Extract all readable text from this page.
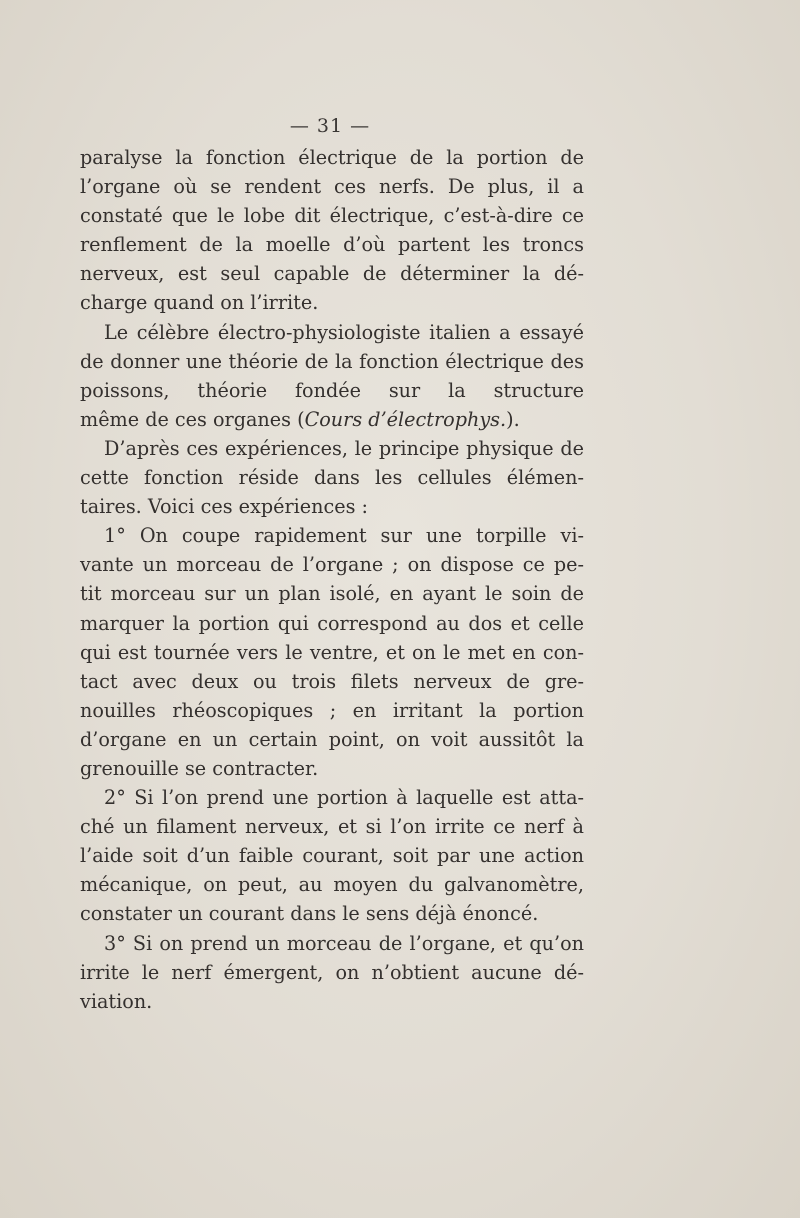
— 31 —

paralyse la fonction électrique de la portion de l’organe où se rendent ces nerfs. De plus, il a constaté que le lobe dit électrique, c’est-à-dire ce renflement de la moelle d’où partent les troncs nerveux, est seul capable de déterminer la dé-

charge quand on l’irrite.

Le célèbre électro-physiologiste italien a essayé de donner une théorie de la fonction électrique des poissons, théorie fondée sur la structure

même de ces organes (Cours d’électrophys.).

D’après ces expériences, le principe physique de cette fonction réside dans les cellules élémen-

taires. Voici ces expériences :

1° On coupe rapidement sur une torpille vi- vante un morceau de l’organe ; on dispose ce pe- tit morceau sur un plan isolé, en ayant le soin de marquer la portion qui correspond au dos et celle qui est tournée vers le ventre, et on le met en con- tact avec deux ou trois filets nerveux de gre- nouilles rhéoscopiques ; en irritant la portion d’organe en un certain point, on voit aussitôt la

grenouille se contracter.

2° Si l’on prend une portion à laquelle est atta- ché un filament nerveux, et si l’on irrite ce nerf à l’aide soit d’un faible courant, soit par une action mécanique, on peut, au moyen du galvanomètre,

constater un courant dans le sens déjà énoncé.

3° Si on prend un morceau de l’organe, et qu’on irrite le nerf émergent, on n’obtient aucune dé-

viation.
